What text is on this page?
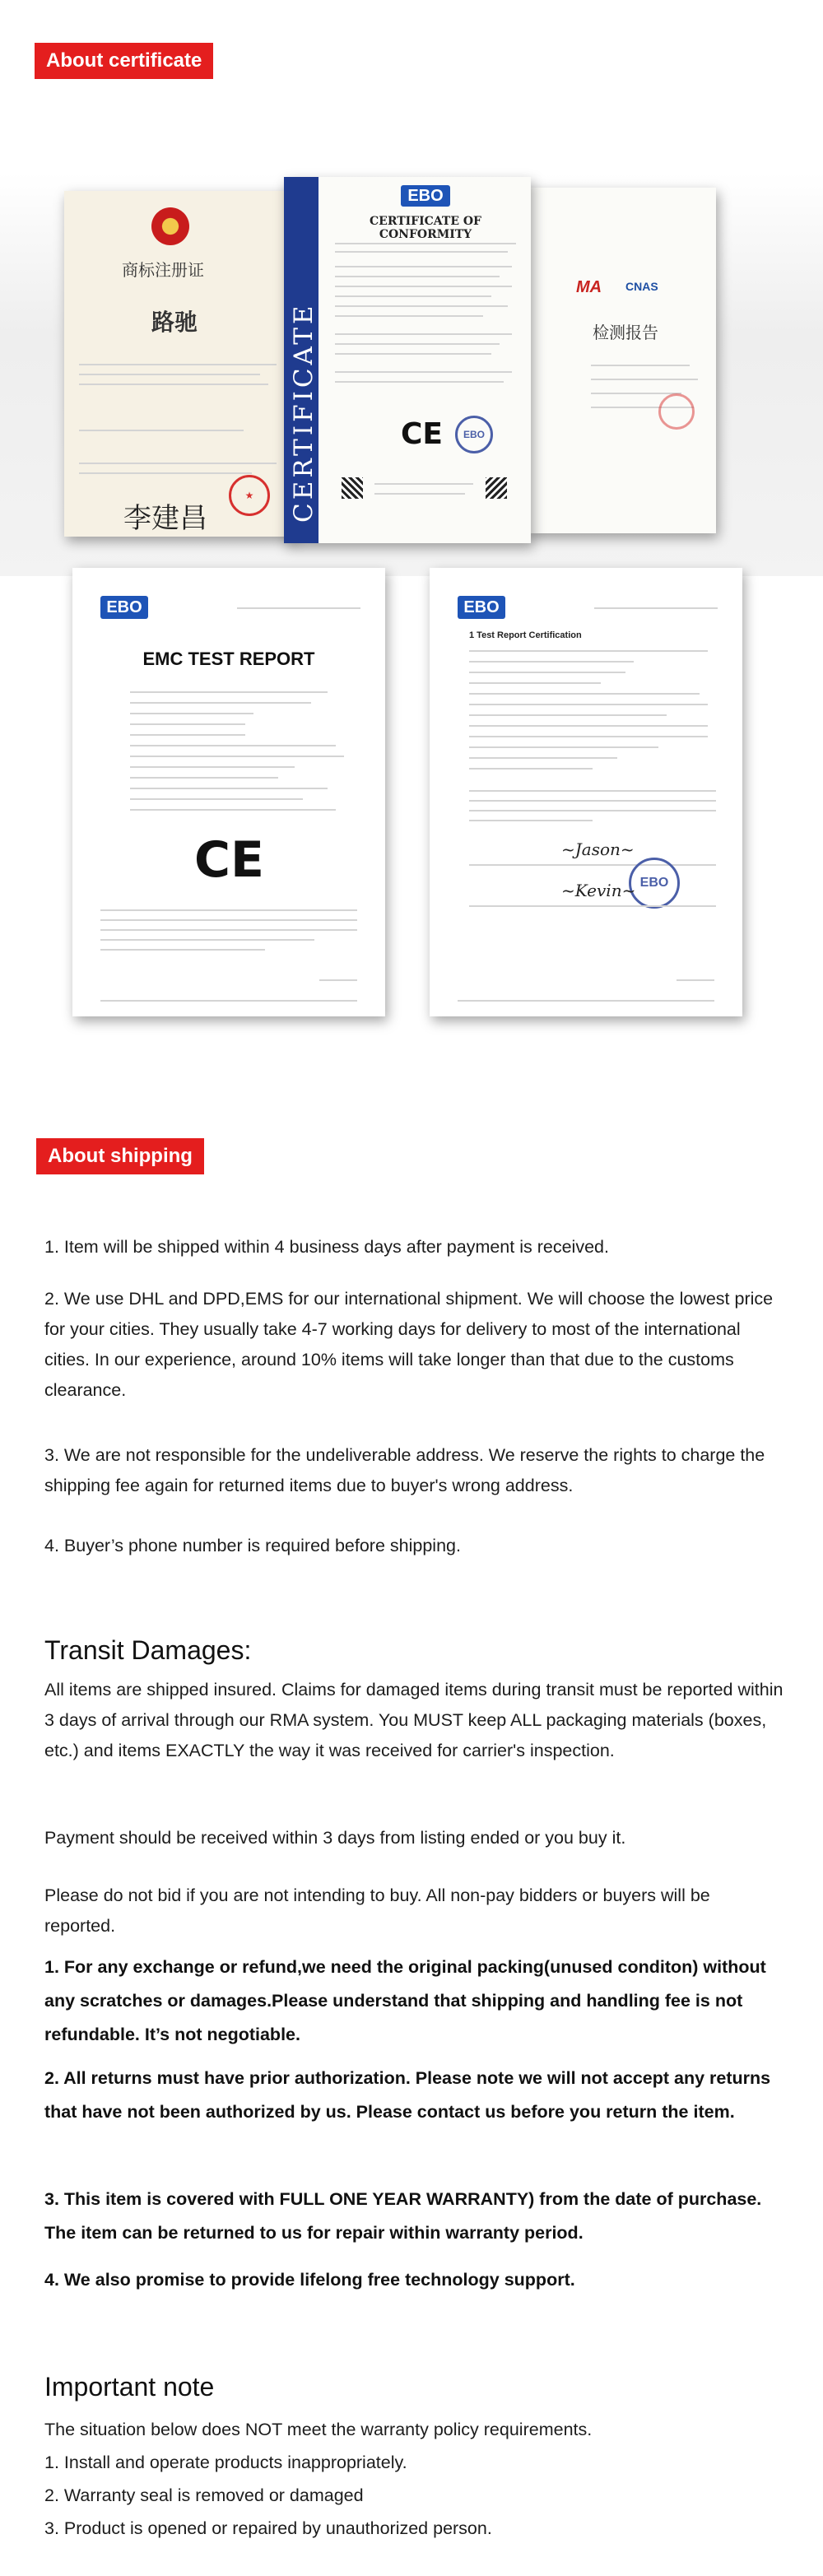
About certificate
商标注册证
路驰
★
李建昌
MA CNAS
检测报告
CERTIFICATE
EBO
CERTIFICATE OF CONFORMITY
CE	EBO
EBO
EMC TEST REPORT
CE
EBO
1 Test Report Certification
~Jason~
EBO
~Kevin~
About shipping
1. Item will be shipped within 4 business days after payment is received.
2. We use DHL and DPD,EMS for our international shipment. We will choose the lowest price for your cities. They usually take 4-7 working days for delivery to most of the international cities. In our experience, around 10% items will take longer than that due to the customs clearance.
3. We are not responsible for the undeliverable address. We reserve the rights to charge the shipping fee again for returned items due to buyer's wrong address.
4. Buyer’s phone number is required before shipping.
Transit Damages:
All items are shipped insured. Claims for damaged items during transit must be reported within 3 days of arrival through our RMA system. You MUST keep ALL packaging materials (boxes, etc.) and items EXACTLY the way it was received for carrier's inspection.
Payment should be received within 3 days from listing ended or you buy it.
Please do not bid if you are not intending to buy. All non-pay bidders or buyers will be reported.
1. For any exchange or refund,we need the original packing(unused conditon) without any scratches or damages.Please understand that shipping and handling fee is not refundable. It’s not negotiable.
2. All returns must have prior authorization. Please note we will not accept any returns that have not been authorized by us. Please contact us before you return the item.
3. This item is covered with FULL ONE YEAR WARRANTY) from the date of purchase. The item can be returned to us for repair within warranty period.
4. We also promise to provide lifelong free technology support.
Important note
The situation below does NOT meet the warranty policy requirements.
1. Install and operate products inappropriately.
2. Warranty seal is removed or damaged
3. Product is opened or repaired by unauthorized person.
